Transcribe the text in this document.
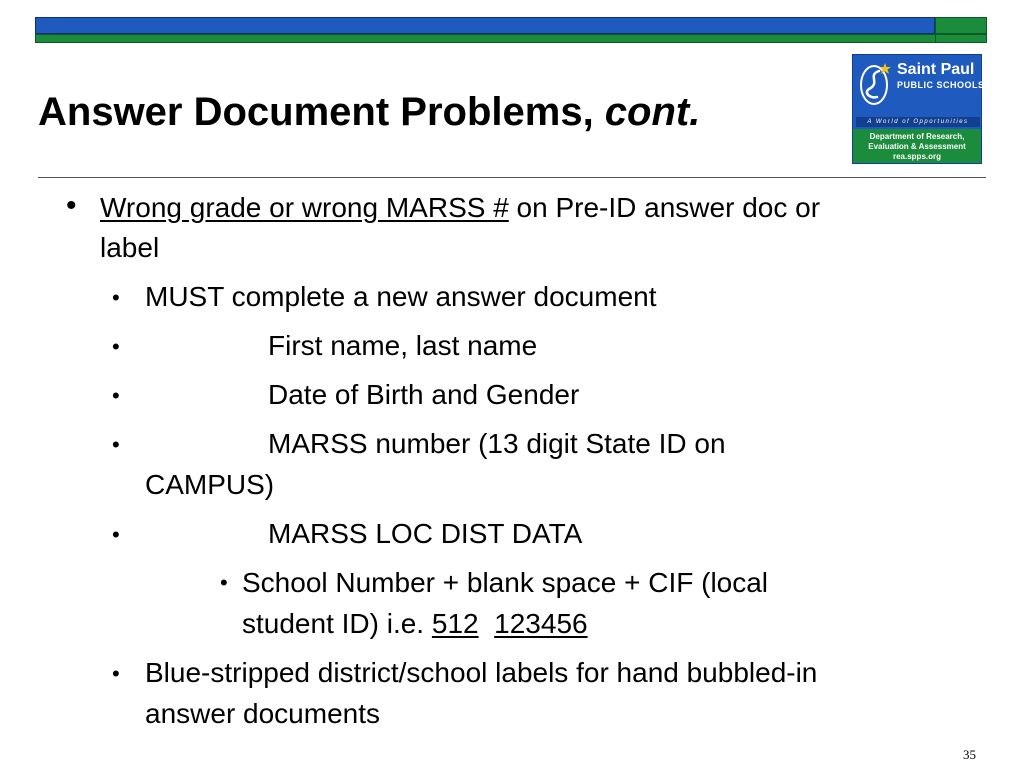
Answer Document Problems, cont.
Saint Paul
PUBLIC SCHOOLS
A World of Opportunities
Department of Research,
Evaluation & Assessment
rea.spps.org
• Wrong grade or wrong MARSS # on Pre-ID answer doc or
label
• MUST complete a new answer document
•	First name, last name
•	Date of Birth and Gender
•	MARSS number (13 digit State ID on
CAMPUS)
•	MARSS LOC DIST DATA
• School Number + blank space + CIF (local
student ID) i.e. 512 123456
• Blue-stripped district/school labels for hand bubbled-in
answer documents
35
